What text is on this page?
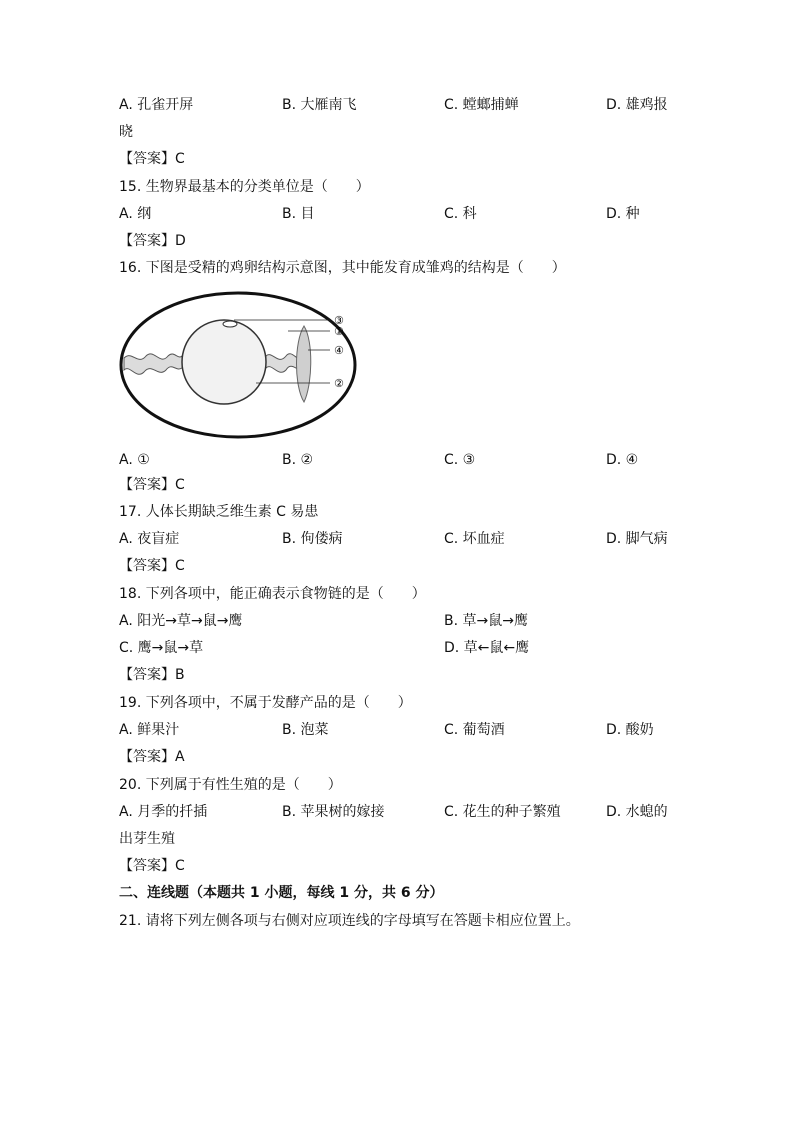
A. 孔雀开屏	B. 大雁南飞	C. 螳螂捕蝉	D. 雄鸡报
晓
【答案】C
15. 生物界最基本的分类单位是（　　）
A. 纲	B. 目	C. 科	D. 种
【答案】D
16. 下图是受精的鸡卵结构示意图，其中能发育成雏鸡的结构是（　　）
③
①
④
②
A. ①	B. ②	C. ③	D. ④
【答案】C
17. 人体长期缺乏维生素 C 易患
A. 夜盲症	B. 佝偻病	C. 坏血症	D. 脚气病
【答案】C
18. 下列各项中，能正确表示食物链的是（　　）
A. 阳光→草→鼠→鹰	B. 草→鼠→鹰
C. 鹰→鼠→草	D. 草←鼠←鹰
【答案】B
19. 下列各项中，不属于发酵产品的是（　　）
A. 鲜果汁	B. 泡菜	C. 葡萄酒	D. 酸奶
【答案】A
20. 下列属于有性生殖的是（　　）
A. 月季的扦插	B. 苹果树的嫁接	C. 花生的种子繁殖	D. 水螅的
出芽生殖
【答案】C
二、连线题（本题共 1 小题，每线 1 分，共 6 分）
21. 请将下列左侧各项与右侧对应项连线的字母填写在答题卡相应位置上。
